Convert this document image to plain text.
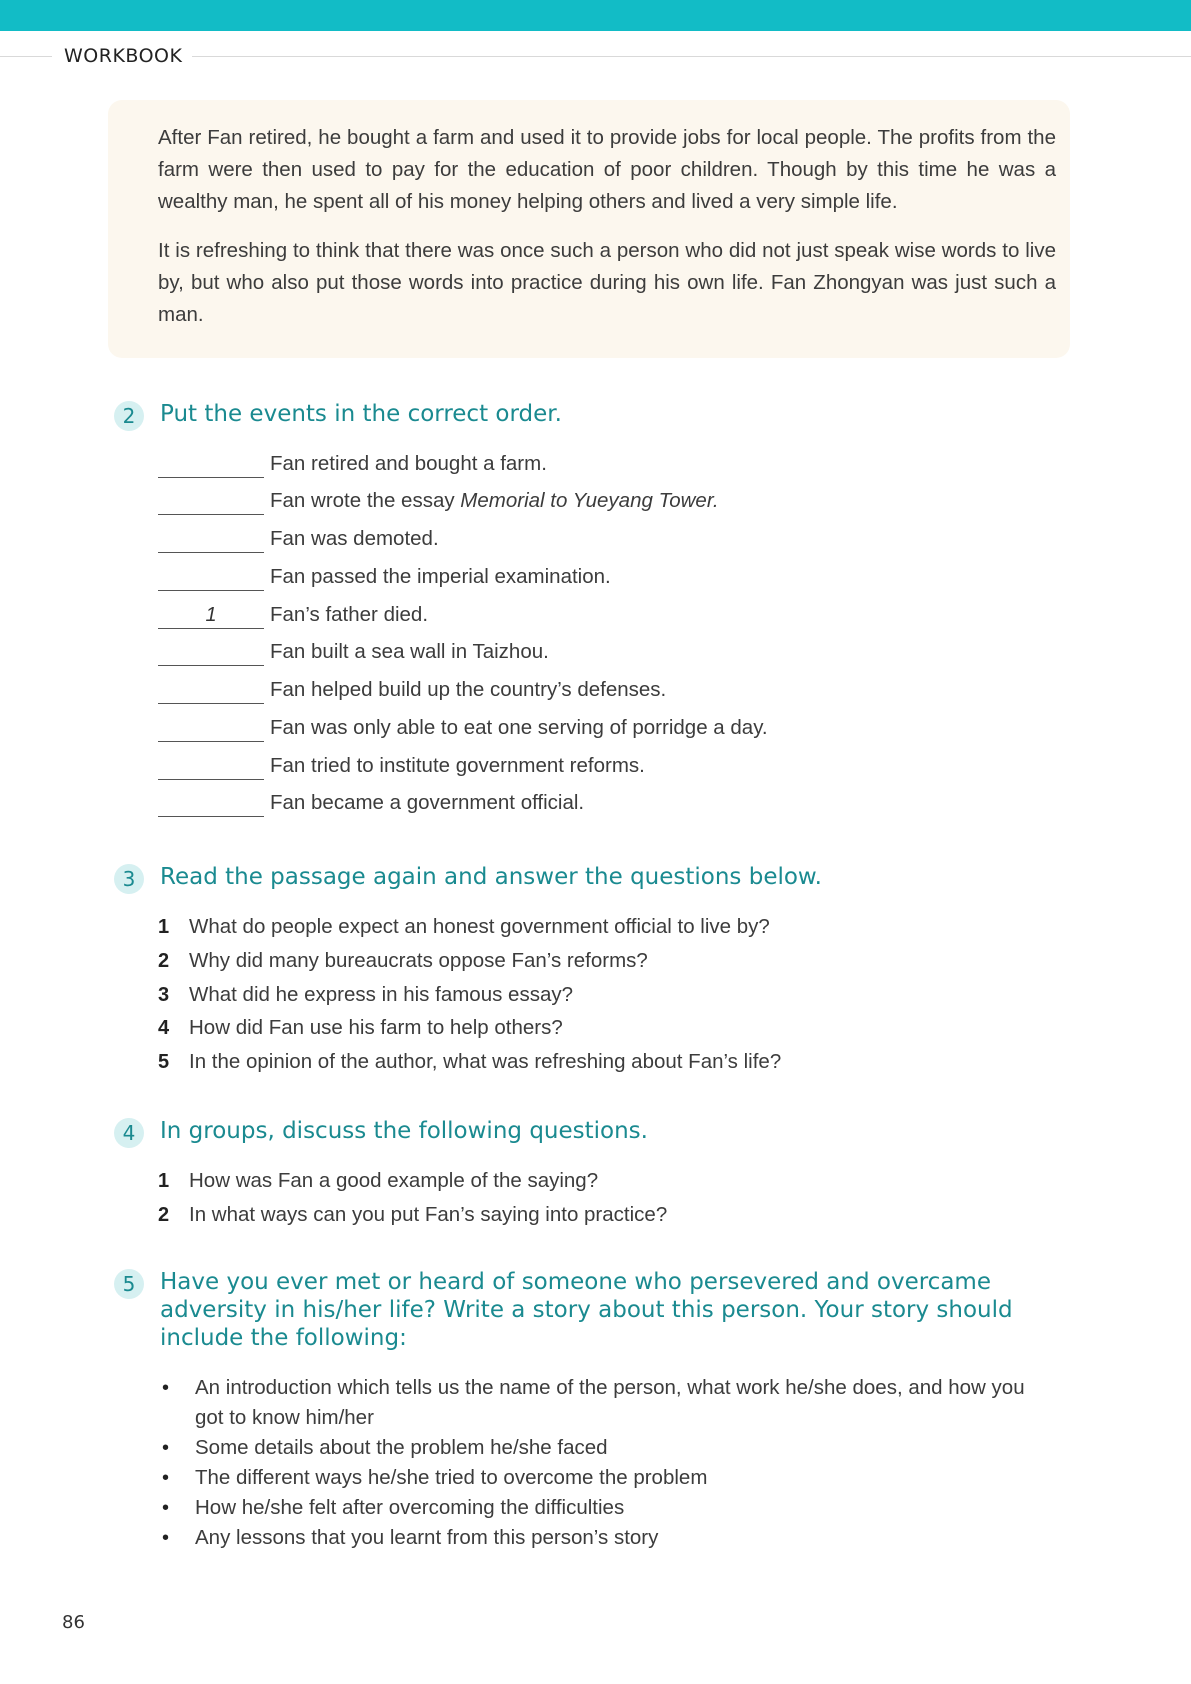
WORKBOOK

After Fan retired, he bought a farm and used it to provide jobs for local people. The profits from the farm were then used to pay for the education of poor children. Though by this time he was a wealthy man, he spent all of his money helping others and lived a very simple life.

It is refreshing to think that there was once such a person who did not just speak wise words to live by, but who also put those words into practice during his own life. Fan Zhongyan was just such a man.

2	Put the events in the correct order.
Fan retired and bought a farm.
Fan wrote the essay Memorial to Yueyang Tower.
Fan was demoted.
Fan passed the imperial examination.
1	Fan’s father died.
Fan built a sea wall in Taizhou.
Fan helped build up the country’s defenses.
Fan was only able to eat one serving of porridge a day.
Fan tried to institute government reforms.
Fan became a government official.
3	Read the passage again and answer the questions below.
1 What do people expect an honest government official to live by?
2 Why did many bureaucrats oppose Fan’s reforms?
3 What did he express in his famous essay?
4 How did Fan use his farm to help others?
5 In the opinion of the author, what was refreshing about Fan’s life?
4	In groups, discuss the following questions.
1 How was Fan a good example of the saying?
2 In what ways can you put Fan’s saying into practice?
5	Have you ever met or heard of someone who persevered and overcame adversity in his/her life? Write a story about this person. Your story should include the following:
• An introduction which tells us the name of the person, what work he/she does, and how you got to know him/her
• Some details about the problem he/she faced
• The different ways he/she tried to overcome the problem
• How he/she felt after overcoming the difficulties
• Any lessons that you learnt from this person’s story
86
